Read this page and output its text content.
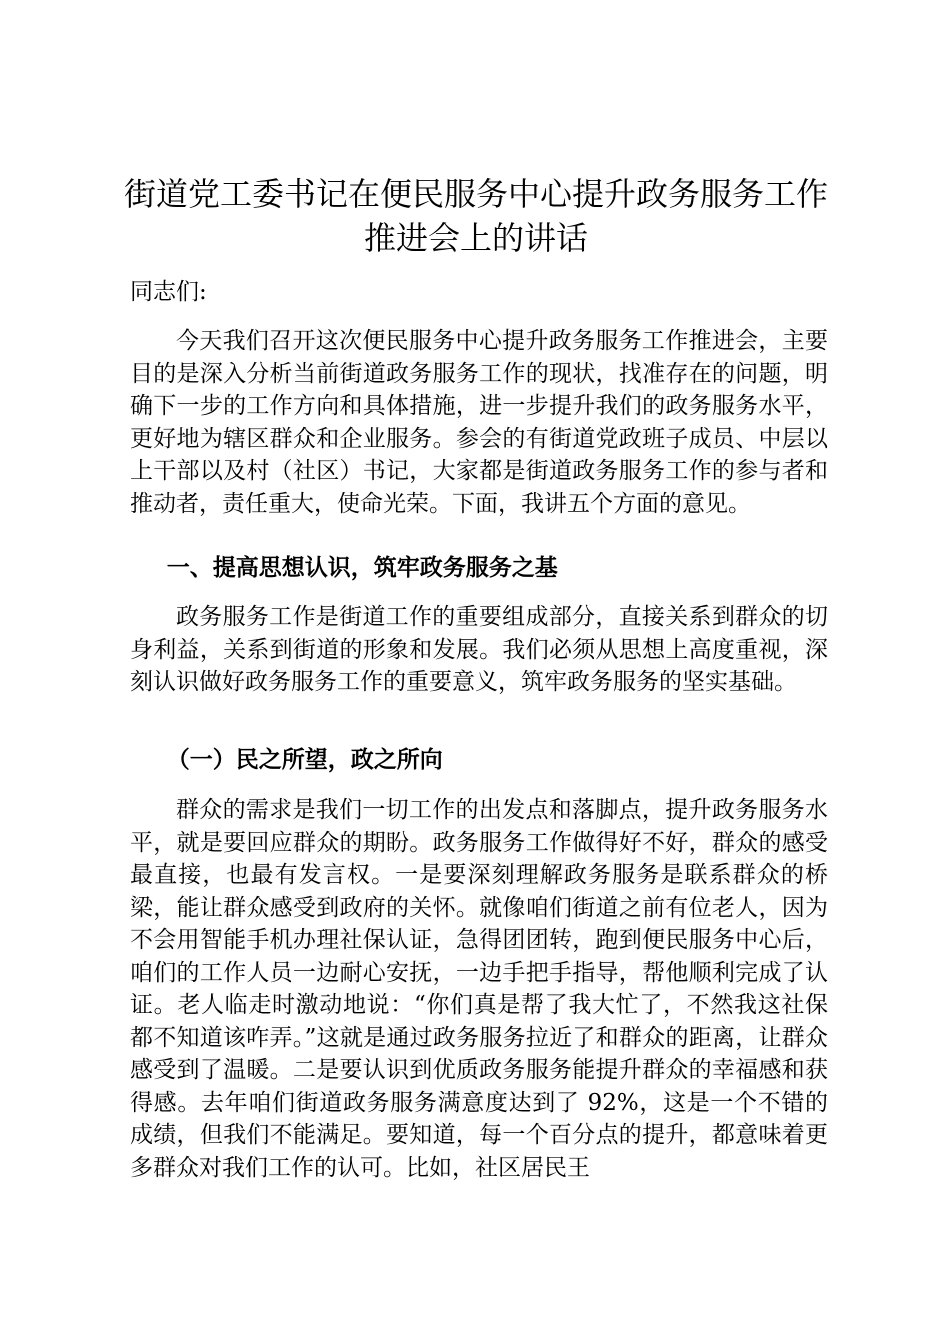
街道党工委书记在便民服务中心提升政务服务工作推进会上的讲话

同志们:

今天我们召开这次便民服务中心提升政务服务工作推进会，主要目的是深入分析当前街道政务服务工作的现状，找准存在的问题，明确下一步的工作方向和具体措施，进一步提升我们的政务服务水平，更好地为辖区群众和企业服务。参会的有街道党政班子成员、中层以上干部以及村（社区）书记，大家都是街道政务服务工作的参与者和推动者，责任重大，使命光荣。下面，我讲五个方面的意见。

一、提高思想认识，筑牢政务服务之基

政务服务工作是街道工作的重要组成部分，直接关系到群众的切身利益，关系到街道的形象和发展。我们必须从思想上高度重视，深刻认识做好政务服务工作的重要意义，筑牢政务服务的坚实基础。

（一）民之所望，政之所向

群众的需求是我们一切工作的出发点和落脚点，提升政务服务水平，就是要回应群众的期盼。政务服务工作做得好不好，群众的感受最直接，也最有发言权。一是要深刻理解政务服务是联系群众的桥梁，能让群众感受到政府的关怀。就像咱们街道之前有位老人，因为不会用智能手机办理社保认证，急得团团转，跑到便民服务中心后，咱们的工作人员一边耐心安抚，一边手把手指导，帮他顺利完成了认证。老人临走时激动地说：“你们真是帮了我大忙了，不然我这社保都不知道该咋弄。”这就是通过政务服务拉近了和群众的距离，让群众感受到了温暖。二是要认识到优质政务服务能提升群众的幸福感和获得感。去年咱们街道政务服务满意度达到了 92%，这是一个不错的成绩，但我们不能满足。要知道，每一个百分点的提升，都意味着更多群众对我们工作的认可。比如，社区居民王
